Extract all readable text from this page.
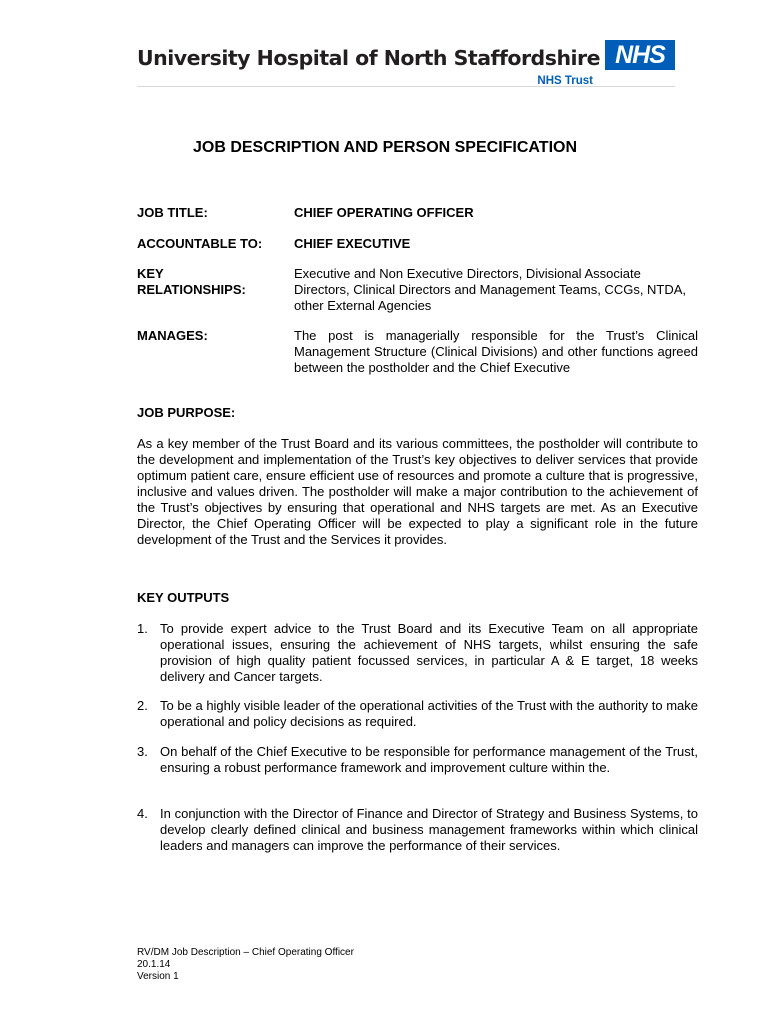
University Hospital of North Staffordshire NHS
NHS Trust
JOB DESCRIPTION AND PERSON SPECIFICATION
JOB TITLE:	CHIEF OPERATING OFFICER
ACCOUNTABLE TO: CHIEF EXECUTIVE
KEY
RELATIONSHIPS:
Executive and Non Executive Directors, Divisional Associate Directors, Clinical Directors and Management Teams, CCGs, NTDA, other External Agencies
MANAGES:	The post is managerially responsible for the Trust’s Clinical Management Structure (Clinical Divisions) and other functions agreed between the postholder and the Chief Executive
JOB PURPOSE:
As a key member of the Trust Board and its various committees, the postholder will contribute to the development and implementation of the Trust’s key objectives to deliver services that provide optimum patient care, ensure efficient use of resources and promote a culture that is progressive, inclusive and values driven. The postholder will make a major contribution to the achievement of the Trust’s objectives by ensuring that operational and NHS targets are met. As an Executive Director, the Chief Operating Officer will be expected to play a significant role in the future development of the Trust and the Services it provides.
KEY OUTPUTS
1. To provide expert advice to the Trust Board and its Executive Team on all appropriate operational issues, ensuring the achievement of NHS targets, whilst ensuring the safe provision of high quality patient focussed services, in particular A & E target, 18 weeks delivery and Cancer targets.
2. To be a highly visible leader of the operational activities of the Trust with the authority to make operational and policy decisions as required.
3. On behalf of the Chief Executive to be responsible for performance management of the Trust, ensuring a robust performance framework and improvement culture within the.
4. In conjunction with the Director of Finance and Director of Strategy and Business Systems, to develop clearly defined clinical and business management frameworks within which clinical leaders and managers can improve the performance of their services.
RV/DM Job Description – Chief Operating Officer
20.1.14
Version 1
